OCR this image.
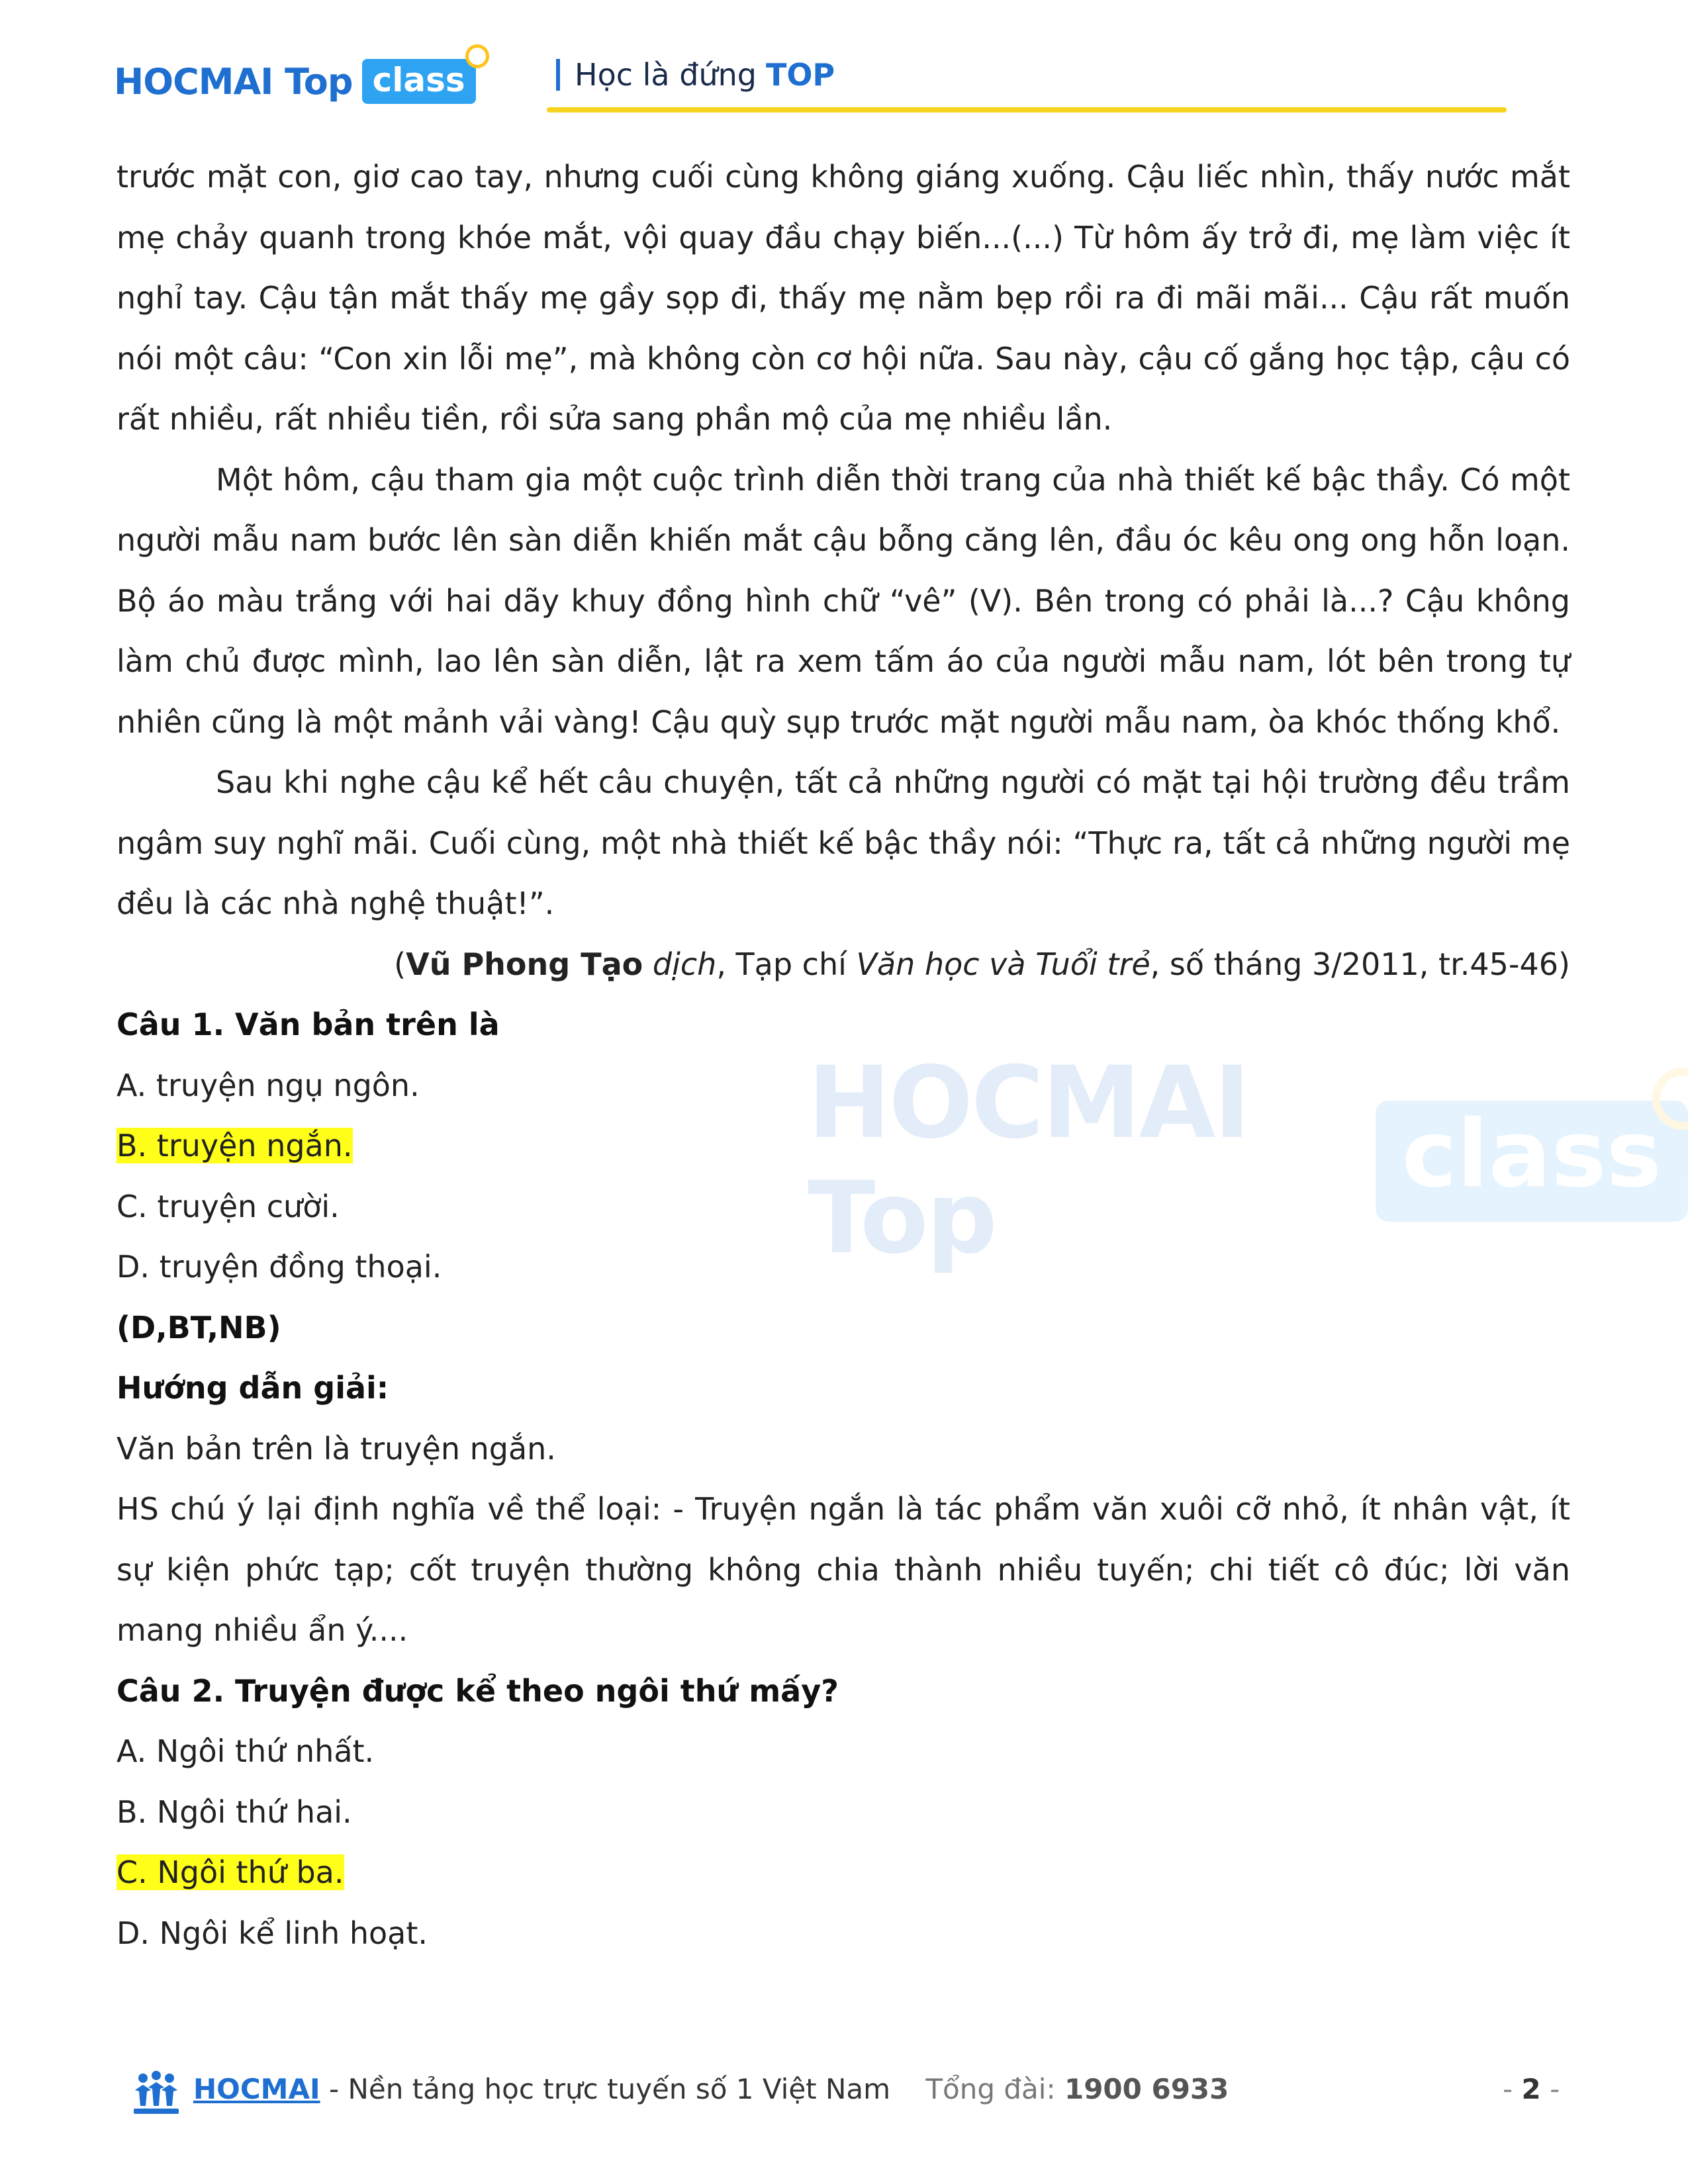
HOCMAI Top class	Học là đứng TOP
HOCMAI Top
class

trước mặt con, giơ cao tay, nhưng cuối cùng không giáng xuống. Cậu liếc nhìn, thấy nước mắt mẹ chảy quanh trong khóe mắt, vội quay đầu chạy biến...(...) Từ hôm ấy trở đi, mẹ làm việc ít nghỉ tay. Cậu tận mắt thấy mẹ gầy sọp đi, thấy mẹ nằm bẹp rồi ra đi mãi mãi... Cậu rất muốn nói một câu: “Con xin lỗi mẹ”, mà không còn cơ hội nữa. Sau này, cậu cố gắng học tập, cậu có rất nhiều, rất nhiều tiền, rồi sửa sang phần mộ của mẹ nhiều lần.

Một hôm, cậu tham gia một cuộc trình diễn thời trang của nhà thiết kế bậc thầy. Có một người mẫu nam bước lên sàn diễn khiến mắt cậu bỗng căng lên, đầu óc kêu ong ong hỗn loạn. Bộ áo màu trắng với hai dãy khuy đồng hình chữ “vê” (V). Bên trong có phải là...? Cậu không làm chủ được mình, lao lên sàn diễn, lật ra xem tấm áo của người mẫu nam, lót bên trong tự nhiên cũng là một mảnh vải vàng! Cậu quỳ sụp trước mặt người mẫu nam, òa khóc thống khổ.

Sau khi nghe cậu kể hết câu chuyện, tất cả những người có mặt tại hội trường đều trầm ngâm suy nghĩ mãi. Cuối cùng, một nhà thiết kế bậc thầy nói: “Thực ra, tất cả những người mẹ đều là các nhà nghệ thuật!”.

(Vũ Phong Tạo dịch, Tạp chí Văn học và Tuổi trẻ, số tháng 3/2011, tr.45-46)

Câu 1. Văn bản trên là

A. truyện ngụ ngôn.

B. truyện ngắn.

C. truyện cười.

D. truyện đồng thoại.

(D,BT,NB)

Hướng dẫn giải:

Văn bản trên là truyện ngắn.

HS chú ý lại định nghĩa về thể loại: - Truyện ngắn là tác phẩm văn xuôi cỡ nhỏ, ít nhân vật, ít sự kiện phức tạp; cốt truyện thường không chia thành nhiều tuyến; chi tiết cô đúc; lời văn mang nhiều ẩn ý....

Câu 2. Truyện được kể theo ngôi thứ mấy?

A. Ngôi thứ nhất.

B. Ngôi thứ hai.

C. Ngôi thứ ba.

D. Ngôi kể linh hoạt.

HOCMAI - Nền tảng học trực tuyến số 1 Việt Nam Tổng đài: 1900 6933	- 2 -
